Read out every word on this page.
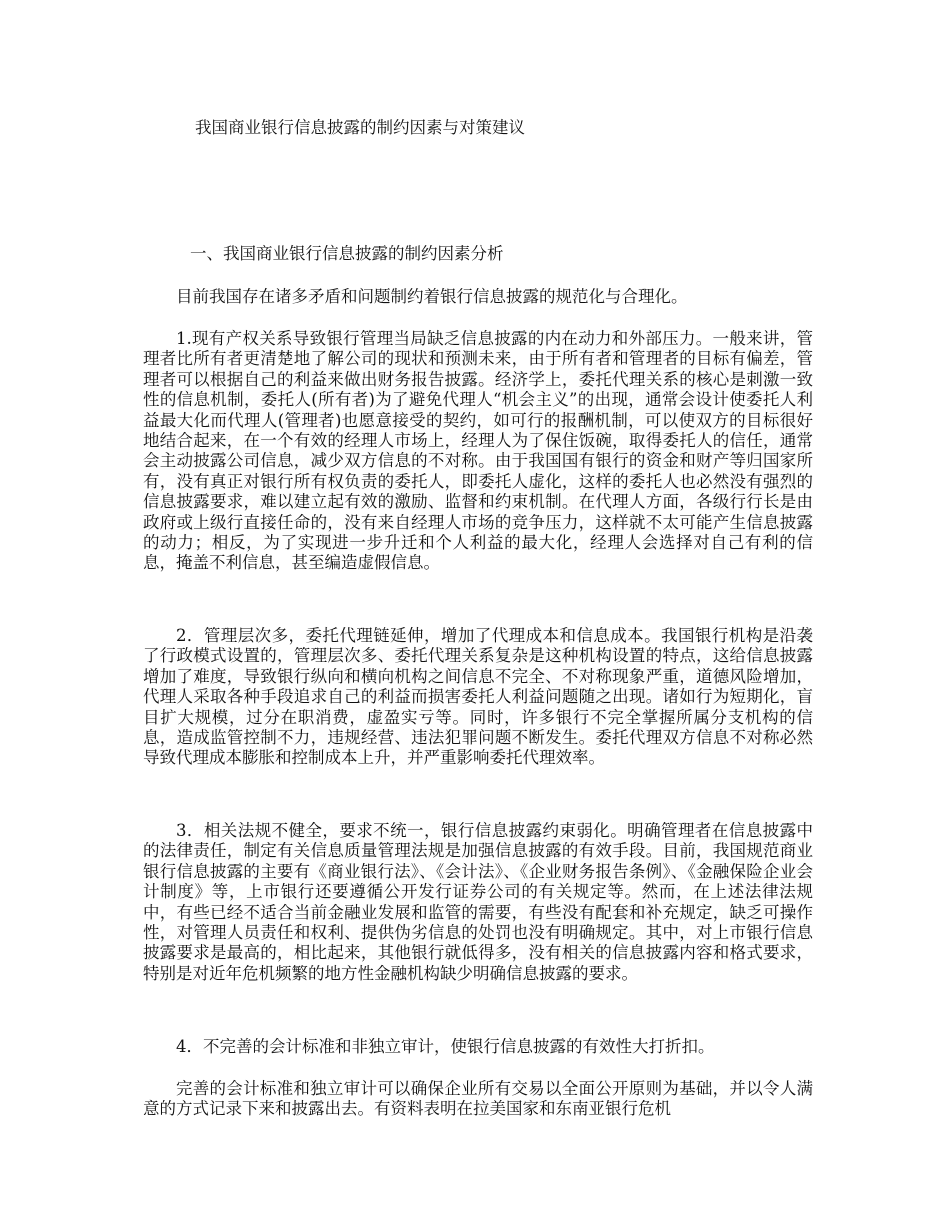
我国商业银行信息披露的制约因素与对策建议
一、我国商业银行信息披露的制约因素分析

目前我国存在诸多矛盾和问题制约着银行信息披露的规范化与合理化。

1.现有产权关系导致银行管理当局缺乏信息披露的内在动力和外部压力。一般来讲，管理者比所有者更清楚地了解公司的现状和预测未来，由于所有者和管理者的目标有偏差，管理者可以根据自己的利益来做出财务报告披露。经济学上，委托代理关系的核心是刺激一致性的信息机制，委托人(所有者)为了避免代理人“机会主义”的出现，通常会设计使委托人利益最大化而代理人(管理者)也愿意接受的契约，如可行的报酬机制，可以使双方的目标很好地结合起来，在一个有效的经理人市场上，经理人为了保住饭碗，取得委托人的信任，通常会主动披露公司信息，减少双方信息的不对称。由于我国国有银行的资金和财产等归国家所有，没有真正对银行所有权负责的委托人，即委托人虚化，这样的委托人也必然没有强烈的信息披露要求，难以建立起有效的激励、监督和约束机制。在代理人方面，各级行行长是由政府或上级行直接任命的，没有来自经理人市场的竞争压力，这样就不太可能产生信息披露的动力；相反，为了实现进一步升迁和个人利益的最大化，经理人会选择对自己有利的信息，掩盖不利信息，甚至编造虚假信息。

2．管理层次多，委托代理链延伸，增加了代理成本和信息成本。我国银行机构是沿袭了行政模式设置的，管理层次多、委托代理关系复杂是这种机构设置的特点，这给信息披露增加了难度，导致银行纵向和横向机构之间信息不完全、不对称现象严重，道德风险增加，代理人采取各种手段追求自己的利益而损害委托人利益问题随之出现。诸如行为短期化，盲目扩大规模，过分在职消费，虚盈实亏等。同时，许多银行不完全掌握所属分支机构的信息，造成监管控制不力，违规经营、违法犯罪问题不断发生。委托代理双方信息不对称必然导致代理成本膨胀和控制成本上升，并严重影响委托代理效率。

3．相关法规不健全，要求不统一，银行信息披露约束弱化。明确管理者在信息披露中的法律责任，制定有关信息质量管理法规是加强信息披露的有效手段。目前，我国规范商业银行信息披露的主要有《商业银行法》、《会计法》、《企业财务报告条例》、《金融保险企业会计制度》等，上市银行还要遵循公开发行证券公司的有关规定等。然而，在上述法律法规中，有些已经不适合当前金融业发展和监管的需要，有些没有配套和补充规定，缺乏可操作性，对管理人员责任和权利、提供伪劣信息的处罚也没有明确规定。其中，对上市银行信息披露要求是最高的，相比起来，其他银行就低得多，没有相关的信息披露内容和格式要求，特别是对近年危机频繁的地方性金融机构缺少明确信息披露的要求。

4．不完善的会计标准和非独立审计，使银行信息披露的有效性大打折扣。

完善的会计标准和独立审计可以确保企业所有交易以全面公开原则为基础，并以令人满意的方式记录下来和披露出去。有资料表明在拉美国家和东南亚银行危机
